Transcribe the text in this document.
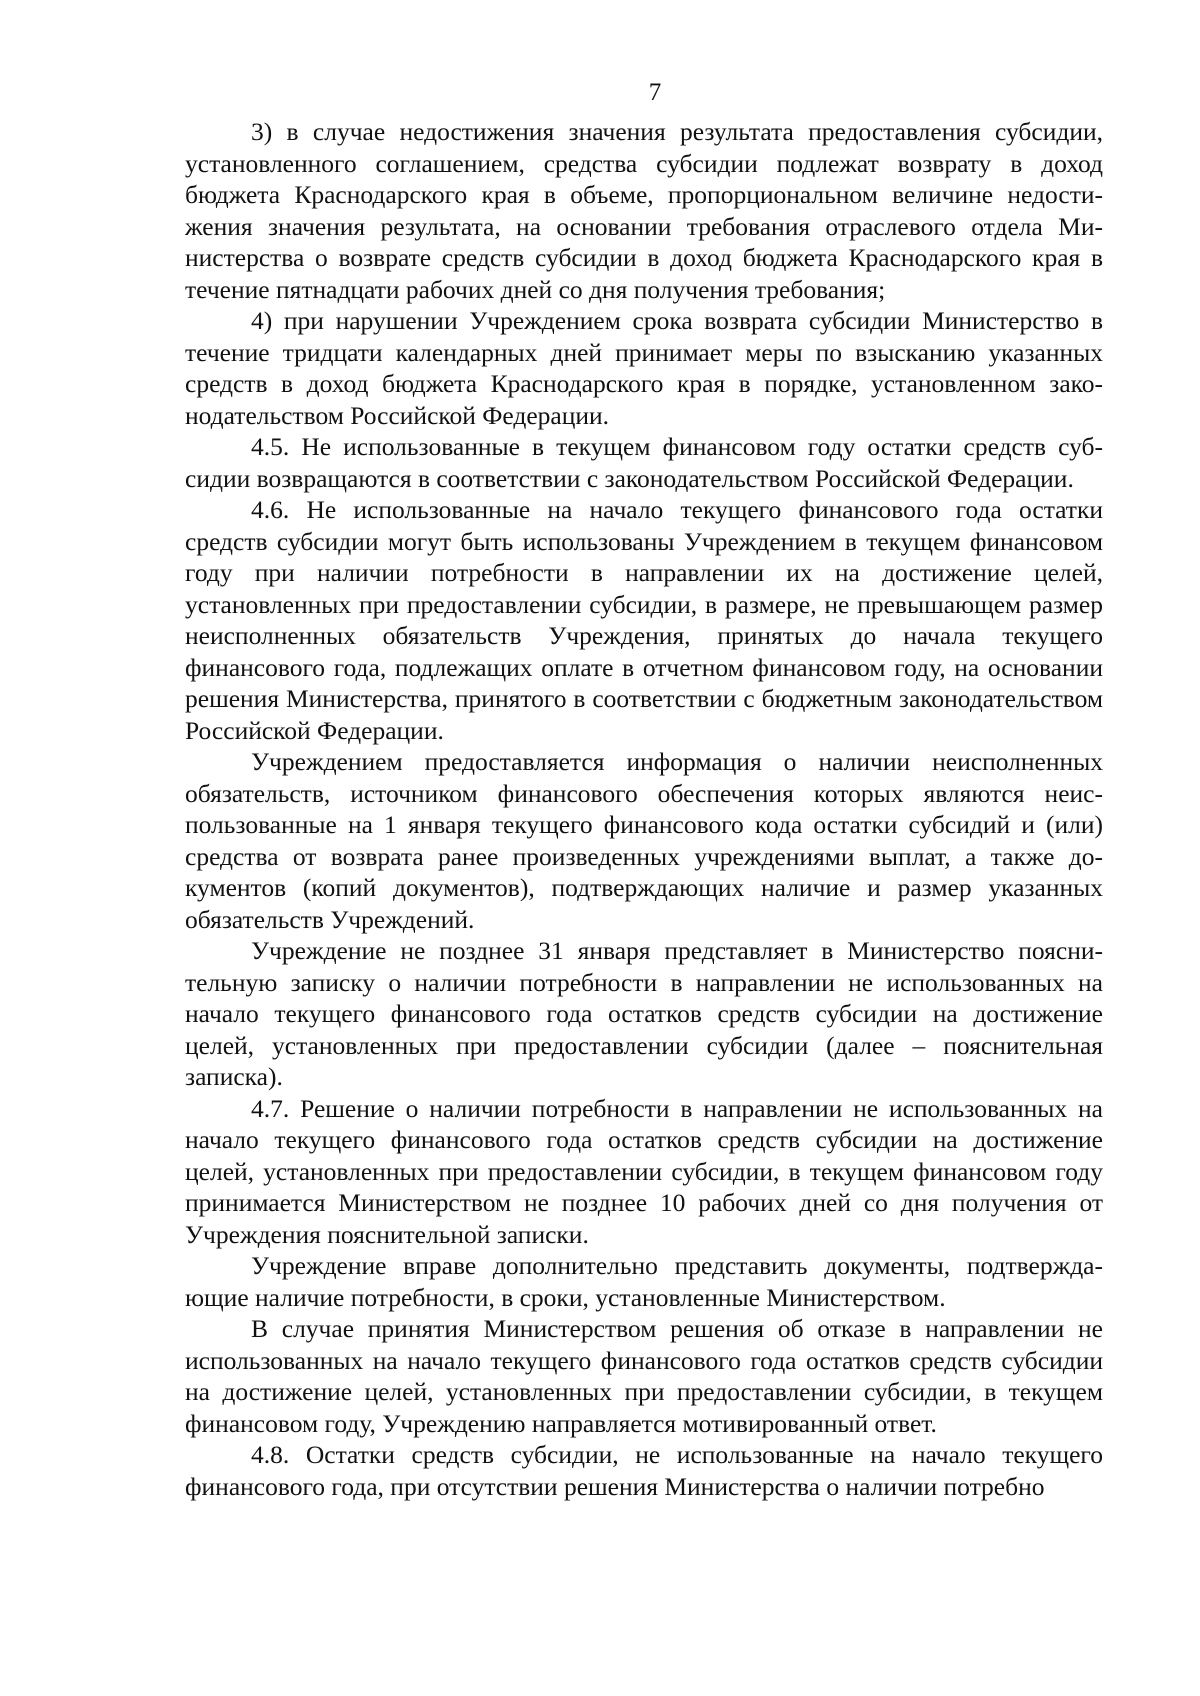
7

3) в случае недостижения значения результата предоставления субсидии, установленного соглашением, средства субсидии подлежат возврату в доход бюджета Краснодарского края в объеме, пропорциональном величине недостижения значения результата, на основании требования отраслевого отдела Министерства о возврате средств субсидии в доход бюджета Краснодарского края в течение пятнадцати рабочих дней со дня получения требования;

4) при нарушении Учреждением срока возврата субсидии Министерство в течение тридцати календарных дней принимает меры по взысканию указанных средств в доход бюджета Краснодарского края в порядке, установленном законодательством Российской Федерации.

4.5. Не использованные в текущем финансовом году остатки средств субсидии возвращаются в соответствии с законодательством Российской Федерации.

4.6. Не использованные на начало текущего финансового года остатки средств субсидии могут быть использованы Учреждением в текущем финансовом году при наличии потребности в направлении их на достижение целей, установленных при предоставлении субсидии, в размере, не превышающем размер неисполненных обязательств Учреждения, принятых до начала текущего финансового года, подлежащих оплате в отчетном финансовом году, на основании решения Министерства, принятого в соответствии с бюджетным законодательством Российской Федерации.

Учреждением предоставляется информация о наличии неисполненных обязательств, источником финансового обеспечения которых являются неиспользованные на 1 января текущего финансового кода остатки субсидий и (или) средства от возврата ранее произведенных учреждениями выплат, а также документов (копий документов), подтверждающих наличие и размер указанных обязательств Учреждений.

Учреждение не позднее 31 января представляет в Министерство пояснительную записку о наличии потребности в направлении не использованных на начало текущего финансового года остатков средств субсидии на достижение целей, установленных при предоставлении субсидии (далее – пояснительная записка).

4.7. Решение о наличии потребности в направлении не использованных на начало текущего финансового года остатков средств субсидии на достижение целей, установленных при предоставлении субсидии, в текущем финансовом году принимается Министерством не позднее 10 рабочих дней со дня получения от Учреждения пояснительной записки.

Учреждение вправе дополнительно представить документы, подтверждающие наличие потребности, в сроки, установленные Министерством.

В случае принятия Министерством решения об отказе в направлении не использованных на начало текущего финансового года остатков средств субсидии на достижение целей, установленных при предоставлении субсидии, в текущем финансовом году, Учреждению направляется мотивированный ответ.

4.8. Остатки средств субсидии, не использованные на начало текущего финансового года, при отсутствии решения Министерства о наличии потребно
